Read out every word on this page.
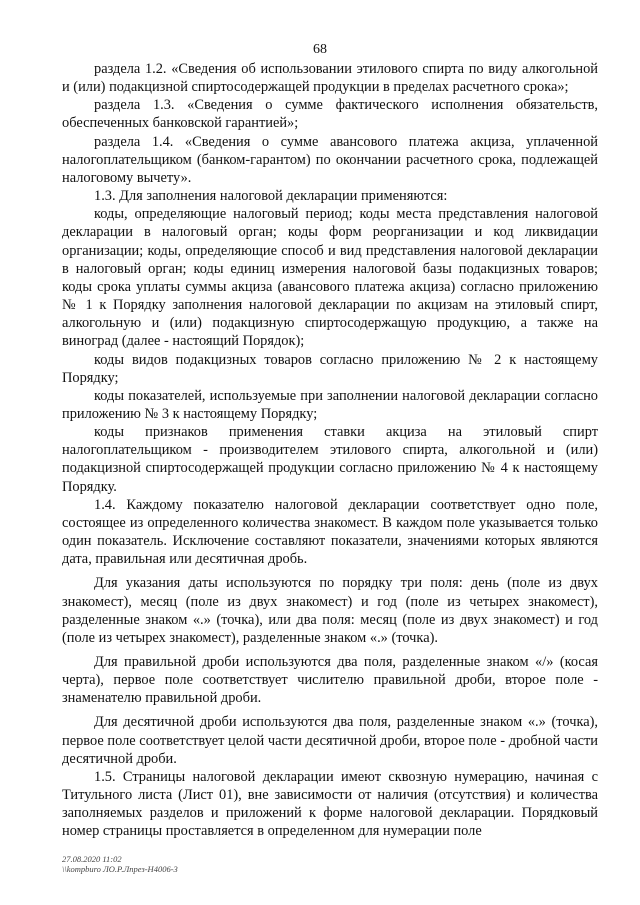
68

раздела 1.2. «Сведения об использовании этилового спирта по виду алкогольной и (или) подакцизной спиртосодержащей продукции в пределах расчетного срока»;

раздела 1.3. «Сведения о сумме фактического исполнения обязательств, обеспеченных банковской гарантией»;

раздела 1.4. «Сведения о сумме авансового платежа акциза, уплаченной налогоплательщиком (банком-гарантом) по окончании расчетного срока, подлежащей налоговому вычету».

1.3. Для заполнения налоговой декларации применяются:

коды, определяющие налоговый период; коды места представления налоговой декларации в налоговый орган; коды форм реорганизации и код ликвидации организации; коды, определяющие способ и вид представления налоговой декларации в налоговый орган; коды единиц измерения налоговой базы подакцизных товаров; коды срока уплаты суммы акциза (авансового платежа акциза) согласно приложению № 1 к Порядку заполнения налоговой декларации по акцизам на этиловый спирт, алкогольную и (или) подакцизную спиртосодержащую продукцию, а также на виноград (далее - настоящий Порядок);

коды видов подакцизных товаров согласно приложению № 2 к настоящему Порядку;

коды показателей, используемые при заполнении налоговой декларации согласно приложению № 3 к настоящему Порядку;

коды признаков применения ставки акциза на этиловый спирт налогоплательщиком - производителем этилового спирта, алкогольной и (или) подакцизной спиртосодержащей продукции согласно приложению № 4 к настоящему Порядку.

1.4. Каждому показателю налоговой декларации соответствует одно поле, состоящее из определенного количества знакомест. В каждом поле указывается только один показатель. Исключение составляют показатели, значениями которых являются дата, правильная или десятичная дробь.

Для указания даты используются по порядку три поля: день (поле из двух знакомест), месяц (поле из двух знакомест) и год (поле из четырех знакомест), разделенные знаком «.» (точка), или два поля: месяц (поле из двух знакомест) и год (поле из четырех знакомест), разделенные знаком «.» (точка).

Для правильной дроби используются два поля, разделенные знаком «/» (косая черта), первое поле соответствует числителю правильной дроби, второе поле - знаменателю правильной дроби.

Для десятичной дроби используются два поля, разделенные знаком «.» (точка), первое поле соответствует целой части десятичной дроби, второе поле - дробной части десятичной дроби.

1.5. Страницы налоговой декларации имеют сквозную нумерацию, начиная с Титульного листа (Лист 01), вне зависимости от наличия (отсутствия) и количества заполняемых разделов и приложений к форме налоговой декларации. Порядковый номер страницы проставляется в определенном для нумерации поле

27.08.2020 11:02
\\kompburo ЛО.Р.Лпрез-Н4006-3
